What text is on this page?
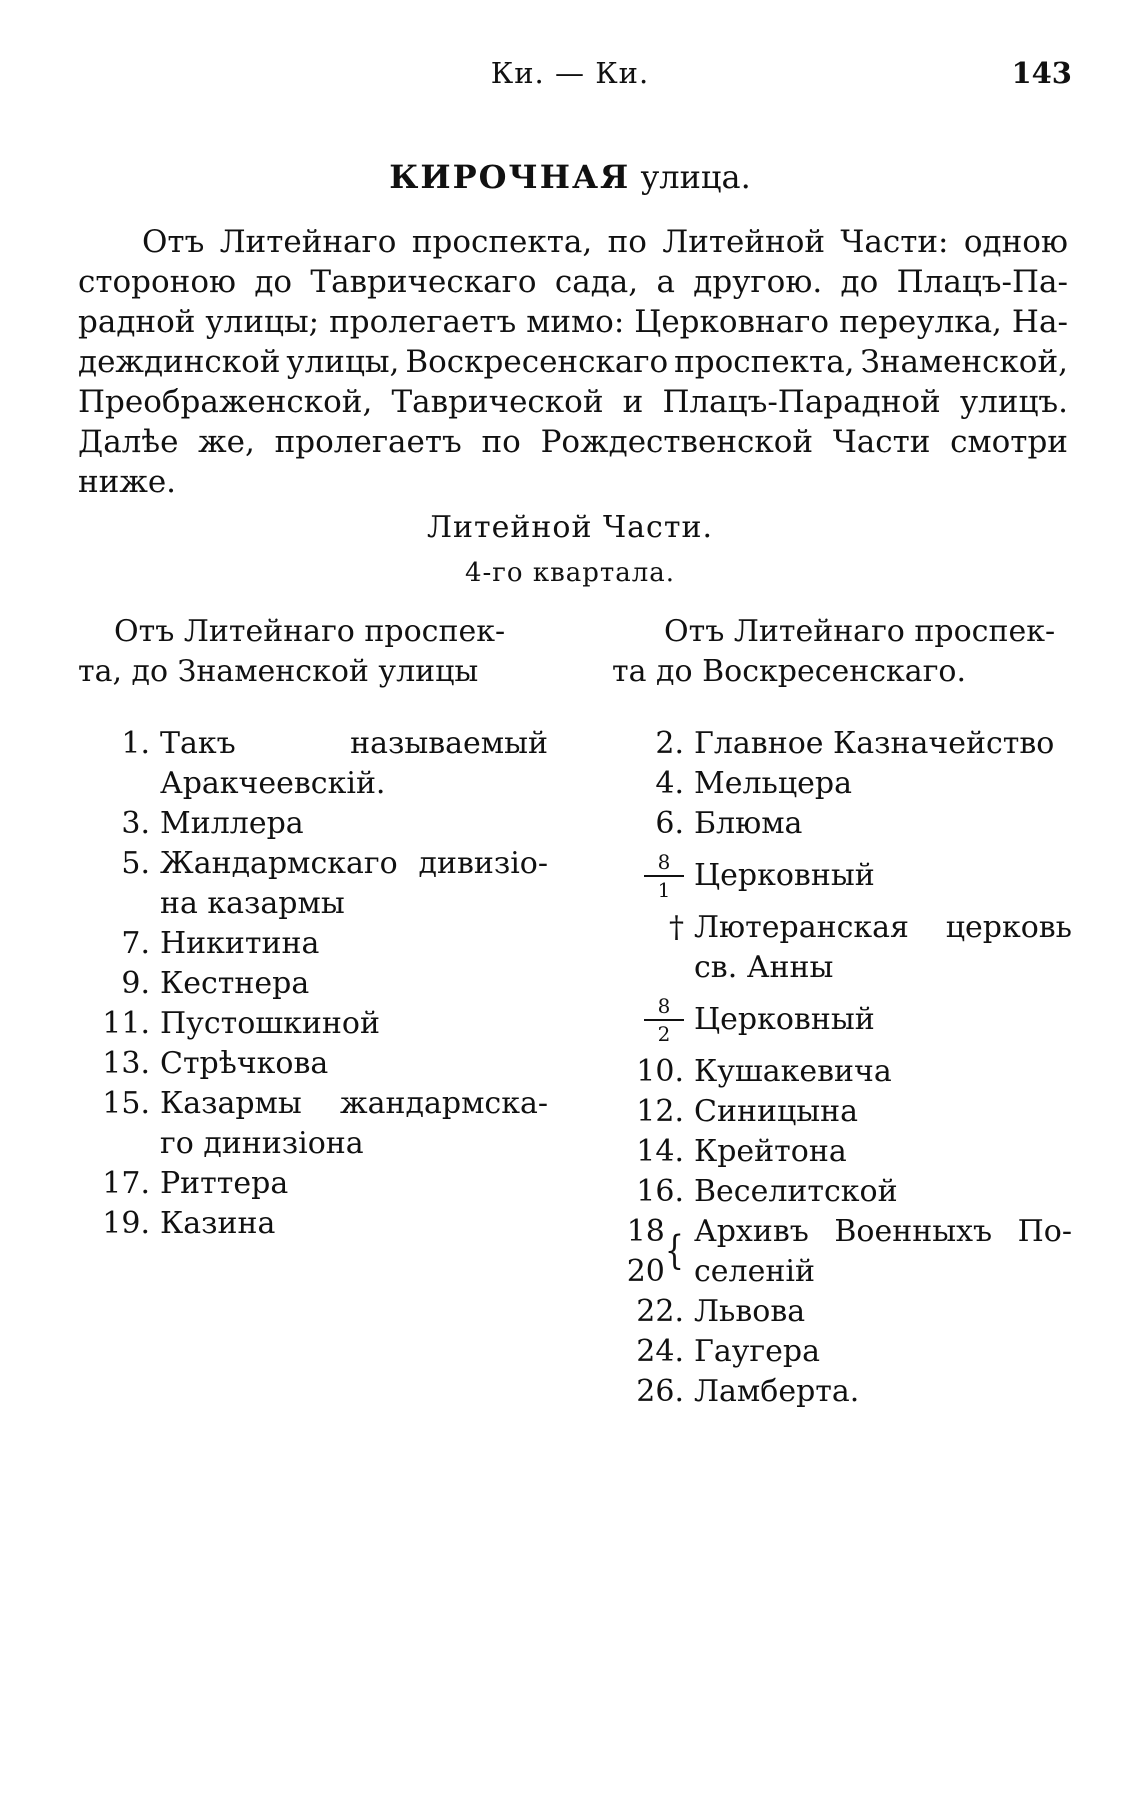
Ки. — Ки.	143
КИРОЧНАЯ улица.
Отъ Литейнаго проспекта, по Литейной Части: одною
стороною до Таврическаго сада, а другою. до Плацъ-Па-
радной улицы; пролегаетъ мимо: Церковнаго переулка, На-
деждинской улицы, Воскресенскаго проспекта, Знаменской,
Преображенской, Таврической и Плацъ-Парадной улицъ.
Далѣе же, пролегаетъ по Рождественской Части смотри
ниже.
Литейной Части.
4-го квартала.
Отъ Литейнаго проспек-
та, до Знаменской улицы
1. Такъ	называемый
Аракчеевскій.
3. Миллера
5. Жандармскаго дивизіо-
на казармы
7. Никитина
9. Кестнера
11. Пустошкиной
13. Стрѣчкова
15. Казармы жандармска-
го динизіона
17. Риттера
19. Казина
Отъ Литейнаго проспек-
та до Воскресенскаго.
2. Главное Казначейство
4. Мельцера
6. Блюма
$\frac{8}{1}$ Церковный
† Лютеранская церковь
св. Анны
$\frac{8}{2}$ Церковный
10. Кушакевича
12. Синицына
14. Крейтона
16. Веселитской
18
20 { Архивъ Военныхъ По-
селеній
22. Львова
24. Гаугера
26. Ламберта.
